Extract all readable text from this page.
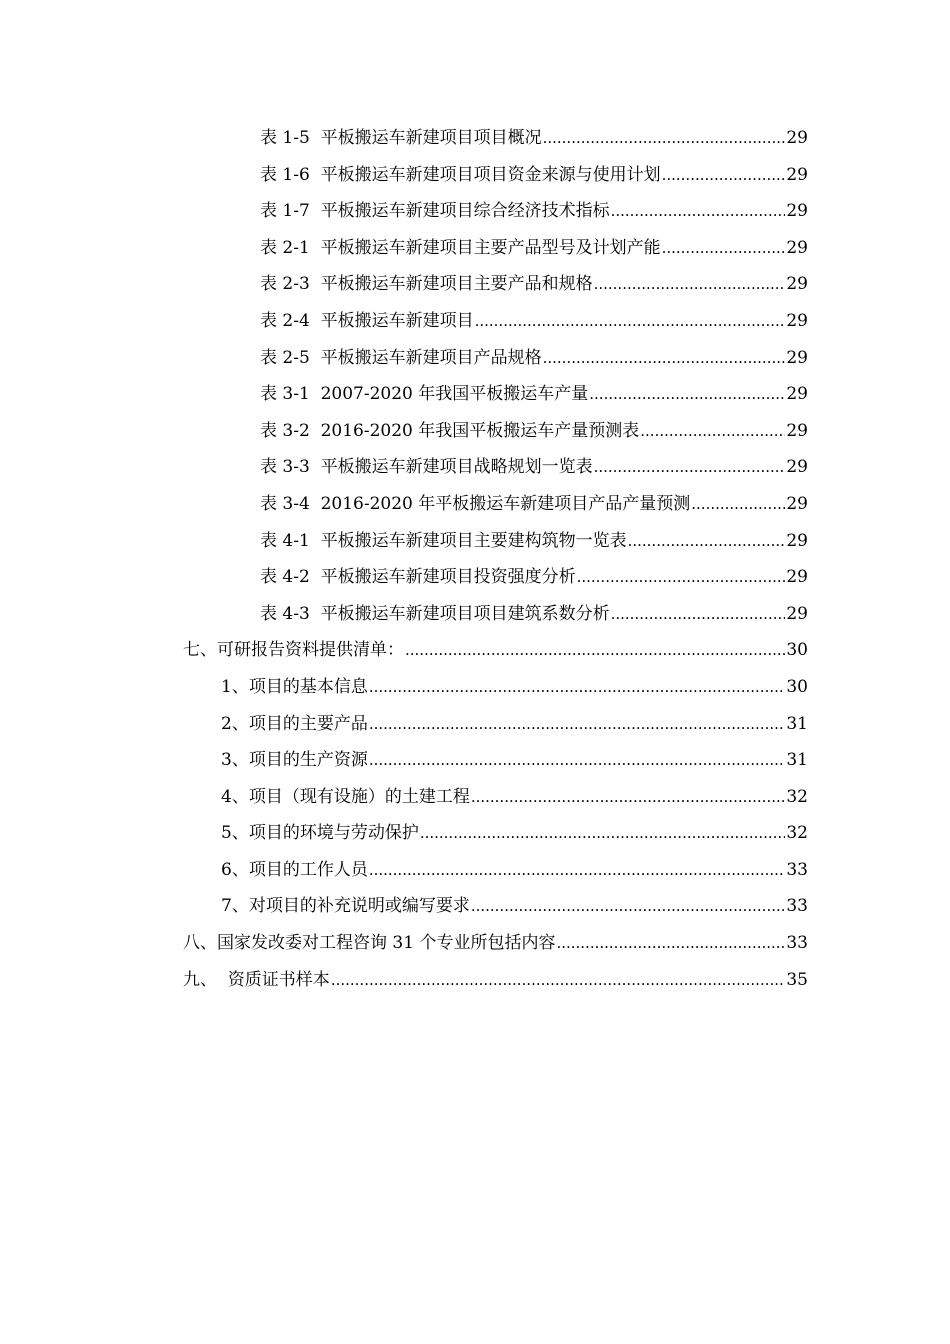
表 1-5  平板搬运车新建项目项目概况 .....	29
表 1-6  平板搬运车新建项目项目资金来源与使用计划 .....	29
表 1-7  平板搬运车新建项目综合经济技术指标 .....	29
表 2-1  平板搬运车新建项目主要产品型号及计划产能 .....	29
表 2-3  平板搬运车新建项目主要产品和规格 .....	29
表 2-4  平板搬运车新建项目 .....	29
表 2-5  平板搬运车新建项目产品规格 .....	29
表 3-1  2007-2020 年我国平板搬运车产量 .....	29
表 3-2  2016-2020 年我国平板搬运车产量预测表 .....	29
表 3-3  平板搬运车新建项目战略规划一览表 .....	29
表 3-4  2016-2020 年平板搬运车新建项目产品产量预测 .....	29
表 4-1  平板搬运车新建项目主要建构筑物一览表 .....	29
表 4-2  平板搬运车新建项目投资强度分析 .....	29
表 4-3  平板搬运车新建项目项目建筑系数分析 .....	29
七、可研报告资料提供清单： .....	30
1、项目的基本信息 .....	30
2、项目的主要产品 .....	31
3、项目的生产资源 .....	31
4、项目（现有设施）的土建工程 .....	32
5、项目的环境与劳动保护 .....	32
6、项目的工作人员 .....	33
7、对项目的补充说明或编写要求 .....	33
八、国家发改委对工程咨询 31 个专业所包括内容 .....	33
九、  资质证书样本 .....	35
